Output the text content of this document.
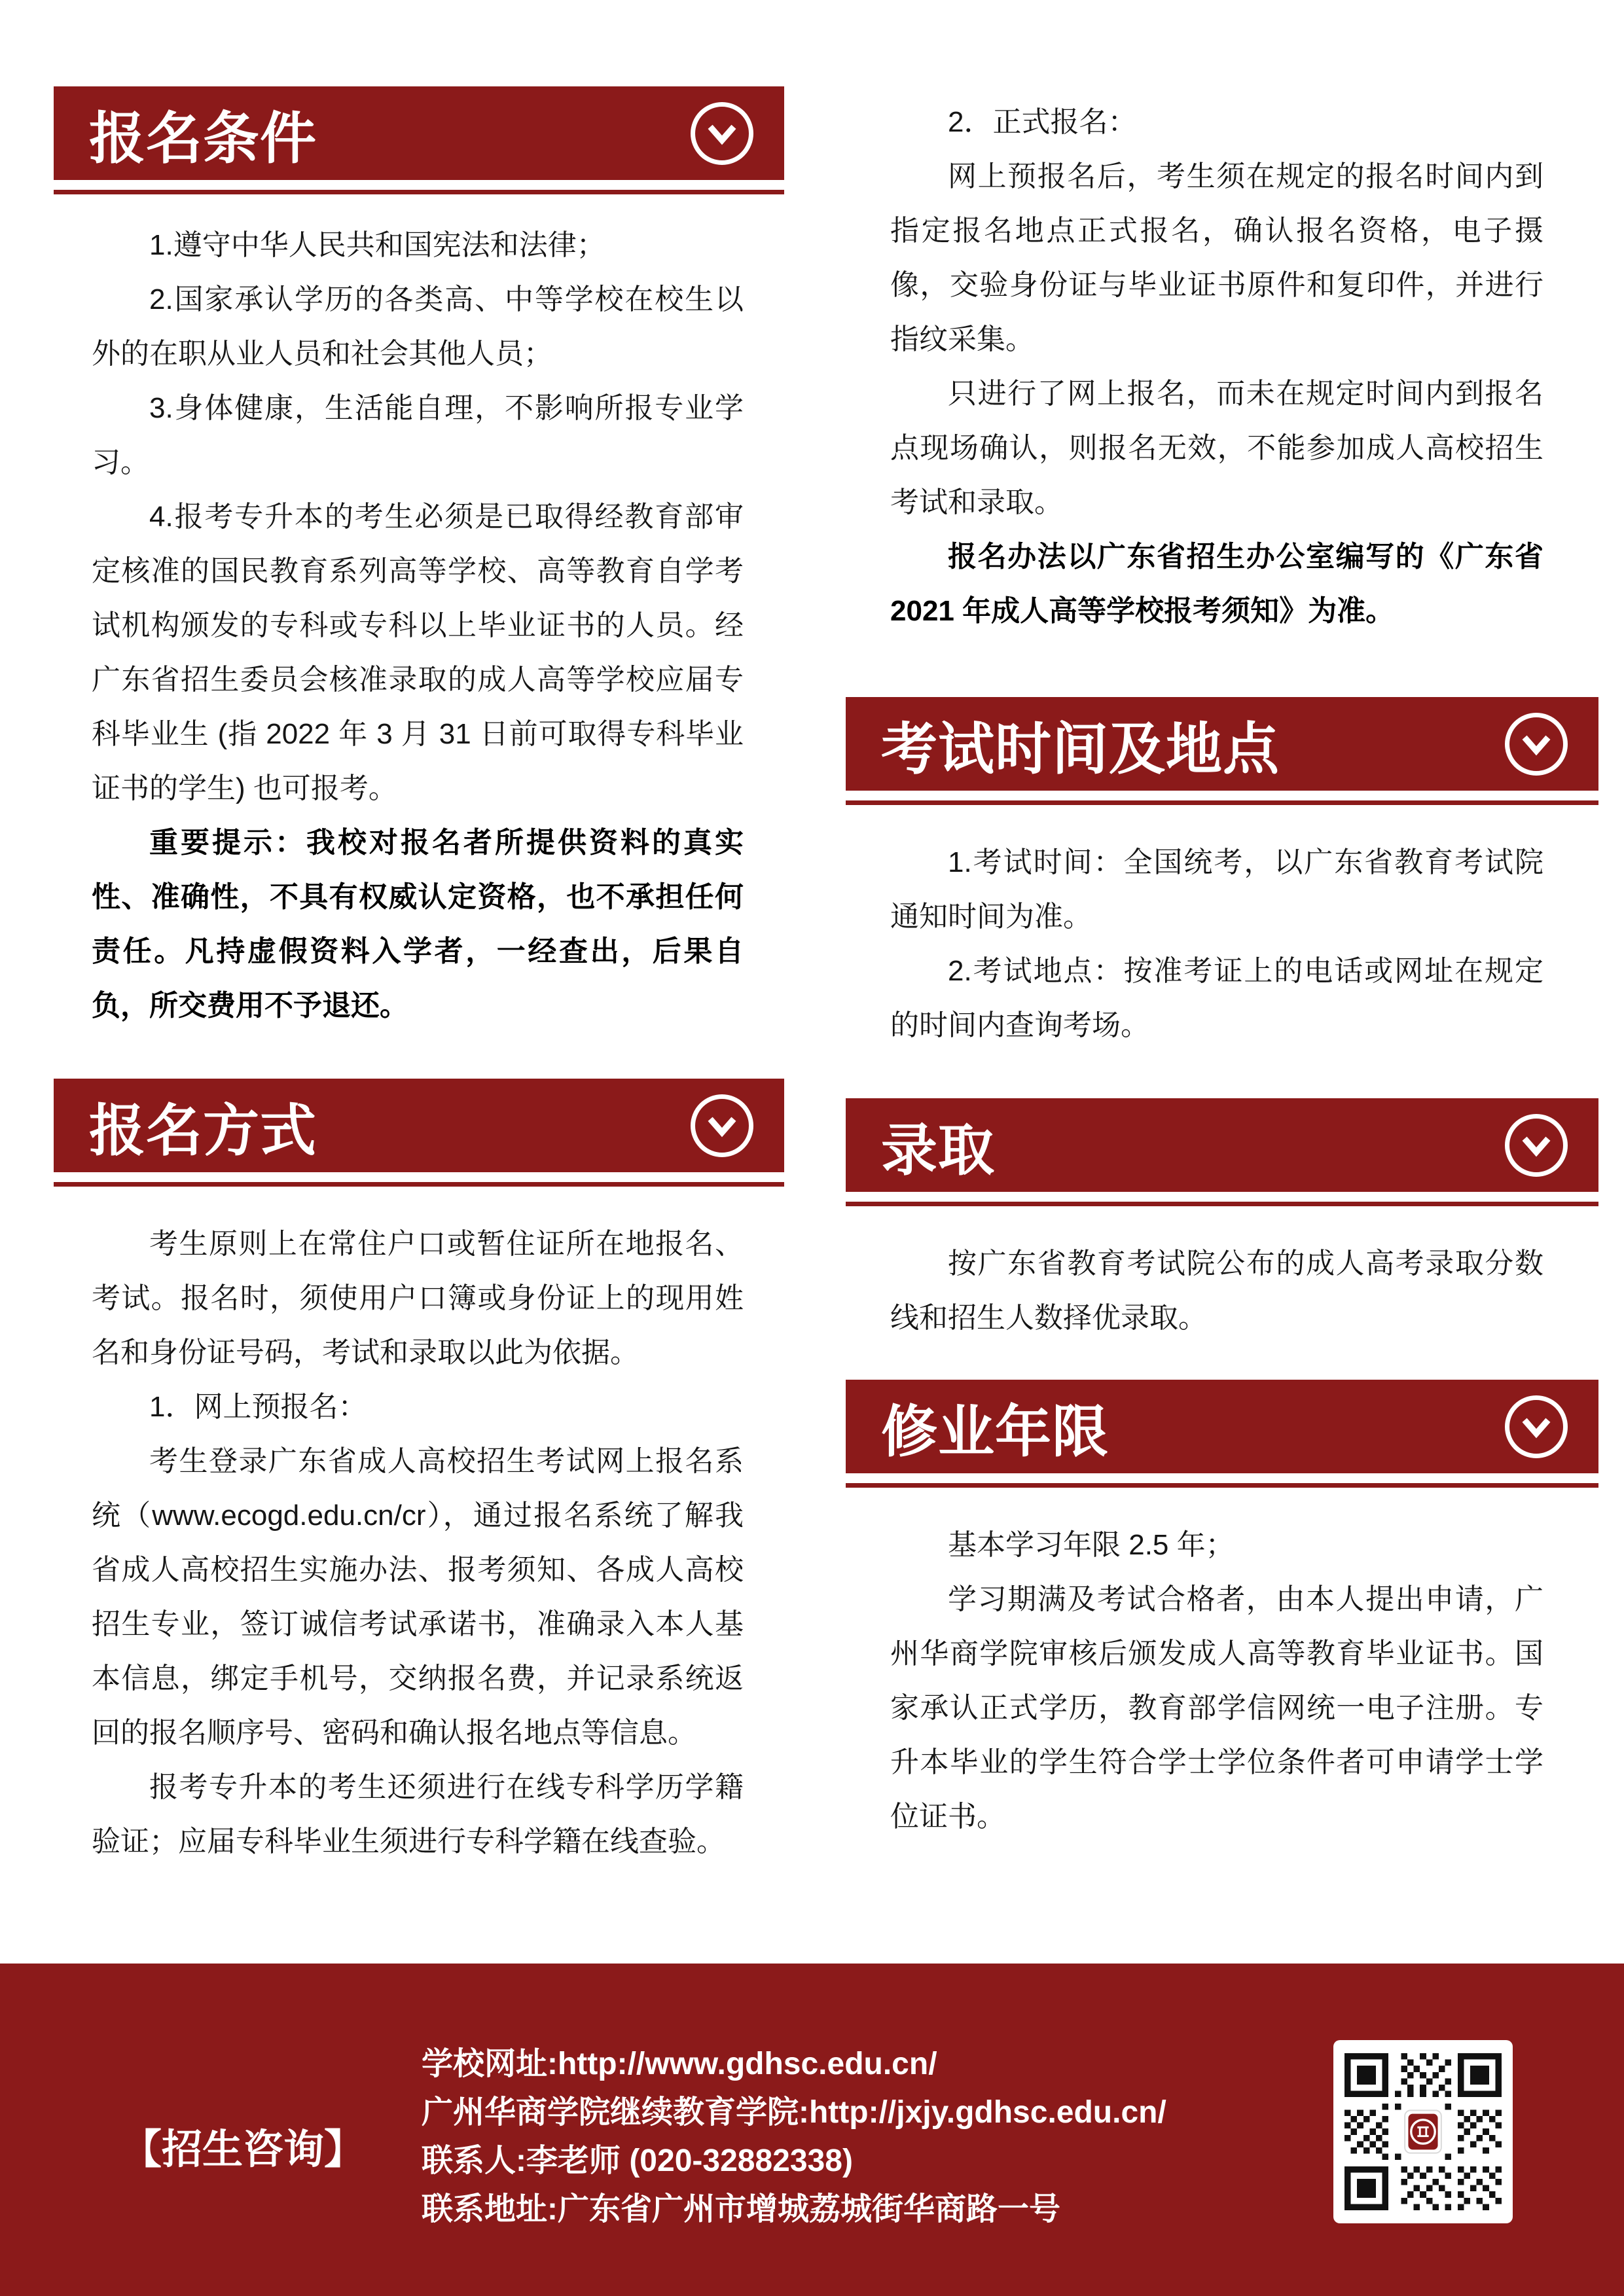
报名条件

1.遵守中华人民共和国宪法和法律；

2.国家承认学历的各类高、中等学校在校生以外的在职从业人员和社会其他人员；

3.身体健康，生活能自理，不影响所报专业学习。

4.报考专升本的考生必须是已取得经教育部审定核准的国民教育系列高等学校、高等教育自学考试机构颁发的专科或专科以上毕业证书的人员。经广东省招生委员会核准录取的成人高等学校应届专科毕业生 (指 2022 年 3 月 31 日前可取得专科毕业证书的学生) 也可报考。

重要提示：我校对报名者所提供资料的真实性、准确性，不具有权威认定资格，也不承担任何责任。凡持虚假资料入学者，一经查出，后果自负，所交费用不予退还。

报名方式

考生原则上在常住户口或暂住证所在地报名、考试。报名时，须使用户口簿或身份证上的现用姓名和身份证号码，考试和录取以此为依据。

1．网上预报名：

考生登录广东省成人高校招生考试网上报名系统（www.ecogd.edu.cn/cr），通过报名系统了解我省成人高校招生实施办法、报考须知、各成人高校招生专业，签订诚信考试承诺书，准确录入本人基本信息，绑定手机号，交纳报名费，并记录系统返回的报名顺序号、密码和确认报名地点等信息。

报考专升本的考生还须进行在线专科学历学籍验证；应届专科毕业生须进行专科学籍在线查验。

2．正式报名：

网上预报名后，考生须在规定的报名时间内到指定报名地点正式报名，确认报名资格，电子摄像，交验身份证与毕业证书原件和复印件，并进行指纹采集。

只进行了网上报名，而未在规定时间内到报名点现场确认，则报名无效，不能参加成人高校招生考试和录取。

报名办法以广东省招生办公室编写的《广东省 2021 年成人高等学校报考须知》为准。

考试时间及地点

1.考试时间：全国统考，以广东省教育考试院通知时间为准。

2.考试地点：按准考证上的电话或网址在规定的时间内查询考场。

录取

按广东省教育考试院公布的成人高考录取分数线和招生人数择优录取。

修业年限

基本学习年限 2.5 年；

学习期满及考试合格者，由本人提出申请，广州华商学院审核后颁发成人高等教育毕业证书。国家承认正式学历，教育部学信网统一电子注册。专升本毕业的学生符合学士学位条件者可申请学士学位证书。

【招生咨询】
学校网址:http://www.gdhsc.edu.cn/
广州华商学院继续教育学院:http://jxjy.gdhsc.edu.cn/
联系人:李老师 (020-32882338)
联系地址:广东省广州市增城荔城街华商路一号
